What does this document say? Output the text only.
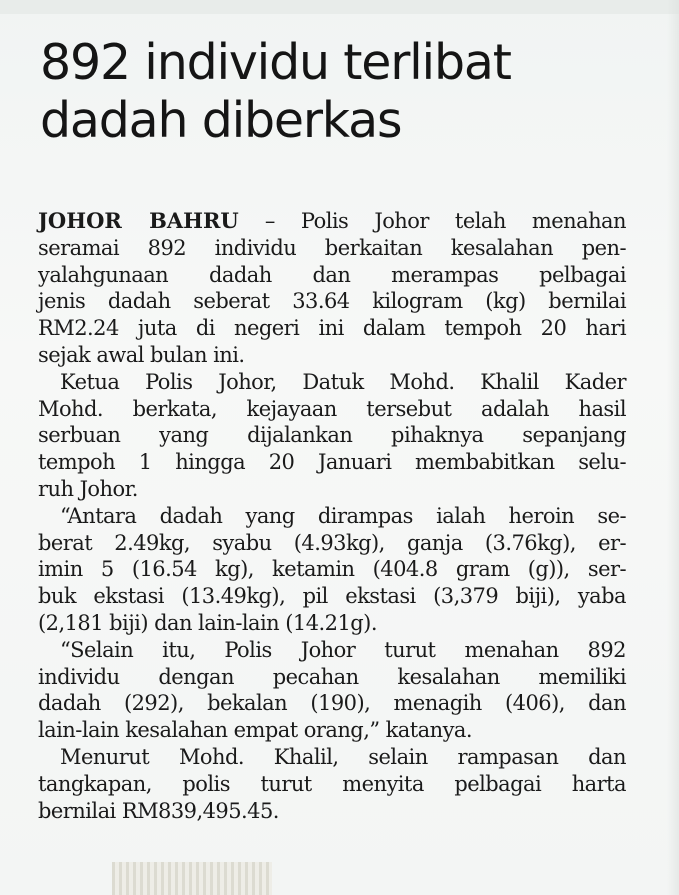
892 individu terlibat
dadah diberkas

JOHOR BAHRU – Polis Johor telah menahan
seramai 892 individu berkaitan kesalahan pen-
yalahgunaan dadah dan merampas pelbagai
jenis dadah seberat 33.64 kilogram (kg) bernilai
RM2.24 juta di negeri ini dalam tempoh 20 hari
sejak awal bulan ini.

Ketua Polis Johor, Datuk Mohd. Khalil Kader
Mohd. berkata, kejayaan tersebut adalah hasil
serbuan yang dijalankan pihaknya sepanjang
tempoh 1 hingga 20 Januari membabitkan selu-
ruh Johor.

“Antara dadah yang dirampas ialah heroin se-
berat 2.49kg, syabu (4.93kg), ganja (3.76kg), er-
imin 5 (16.54 kg), ketamin (404.8 gram (g)), ser-
buk ekstasi (13.49kg), pil ekstasi (3,379 biji), yaba
(2,181 biji) dan lain-lain (14.21g).

“Selain itu, Polis Johor turut menahan 892
individu dengan pecahan kesalahan memiliki
dadah (292), bekalan (190), menagih (406), dan
lain-lain kesalahan empat orang,” katanya.

Menurut Mohd. Khalil, selain rampasan dan
tangkapan, polis turut menyita pelbagai harta
bernilai RM839,495.45.
